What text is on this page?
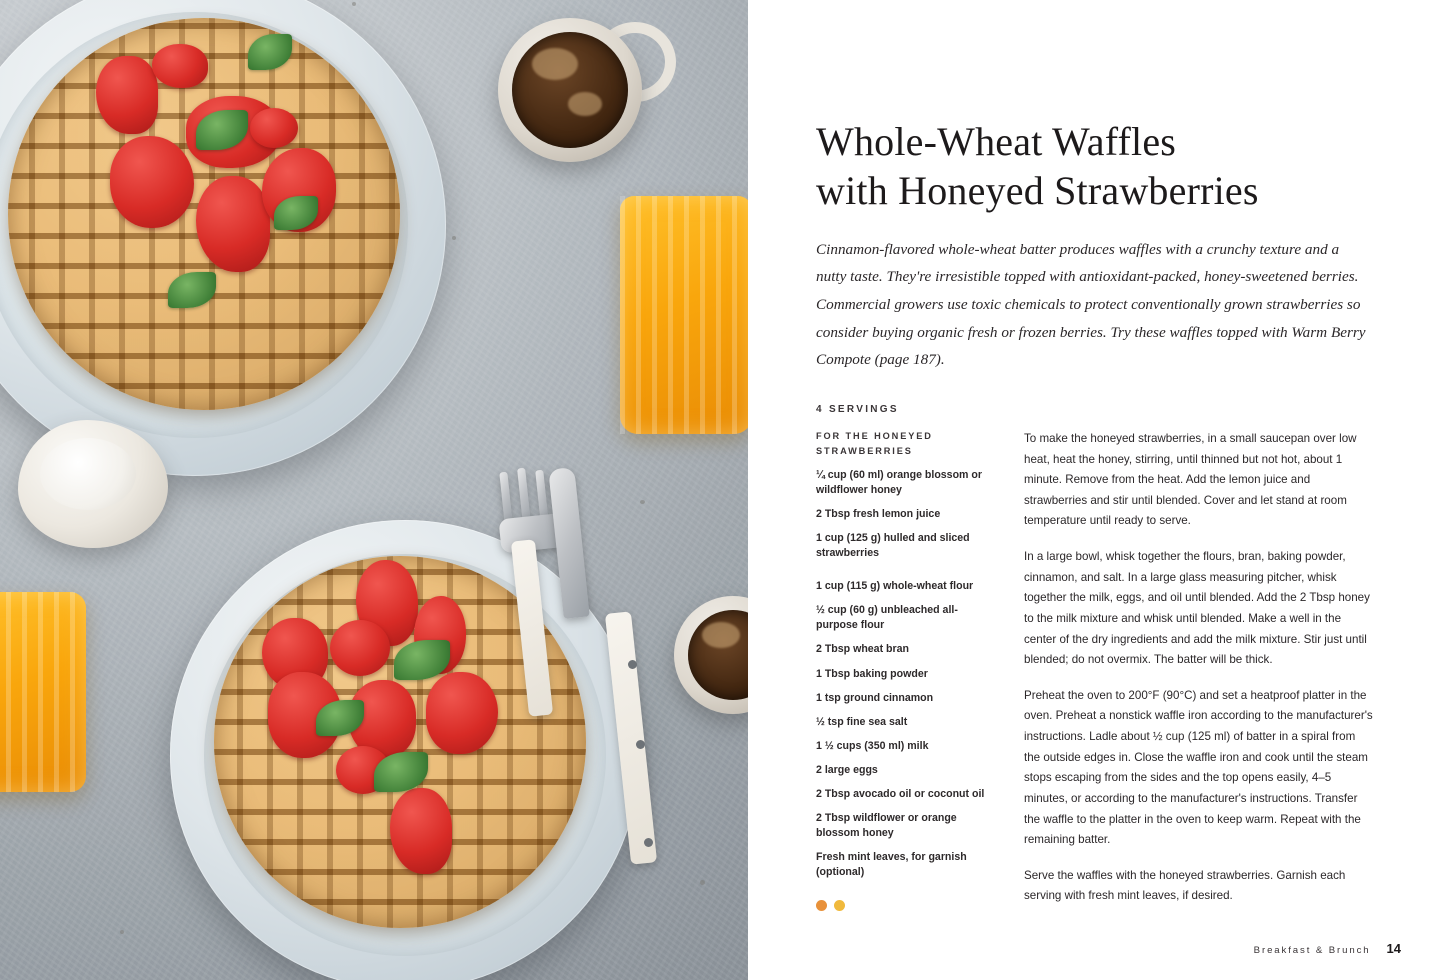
Whole-Wheat Waffles
with Honeyed Strawberries

Cinnamon-flavored whole-wheat batter produces waffles with a crunchy texture and a nutty taste. They're irresistible topped with antioxidant-packed, honey-sweetened berries. Commercial growers use toxic chemicals to protect conventionally grown strawberries so consider buying organic fresh or frozen berries. Try these waffles topped with Warm Berry Compote (page 187).

4 SERVINGS
FOR THE HONEYED STRAWBERRIES
¼ cup (60 ml) orange blossom or wildflower honey
2 Tbsp fresh lemon juice
1 cup (125 g) hulled and sliced strawberries
1 cup (115 g) whole-wheat flour
½ cup (60 g) unbleached all-purpose flour
2 Tbsp wheat bran
1 Tbsp baking powder
1 tsp ground cinnamon
½ tsp fine sea salt
1 ½ cups (350 ml) milk
2 large eggs
2 Tbsp avocado oil or coconut oil
2 Tbsp wildflower or orange blossom honey
Fresh mint leaves, for garnish (optional)

To make the honeyed strawberries, in a small saucepan over low heat, heat the honey, stirring, until thinned but not hot, about 1 minute. Remove from the heat. Add the lemon juice and strawberries and stir until blended. Cover and let stand at room temperature until ready to serve.

In a large bowl, whisk together the flours, bran, baking powder, cinnamon, and salt. In a large glass measuring pitcher, whisk together the milk, eggs, and oil until blended. Add the 2 Tbsp honey to the milk mixture and whisk until blended. Make a well in the center of the dry ingredients and add the milk mixture. Stir just until blended; do not overmix. The batter will be thick.

Preheat the oven to 200°F (90°C) and set a heatproof platter in the oven. Preheat a nonstick waffle iron according to the manufacturer's instructions. Ladle about ½ cup (125 ml) of batter in a spiral from the outside edges in. Close the waffle iron and cook until the steam stops escaping from the sides and the top opens easily, 4–5 minutes, or according to the manufacturer's instructions. Transfer the waffle to the platter in the oven to keep warm. Repeat with the remaining batter.

Serve the waffles with the honeyed strawberries. Garnish each serving with fresh mint leaves, if desired.

Breakfast & Brunch 14
